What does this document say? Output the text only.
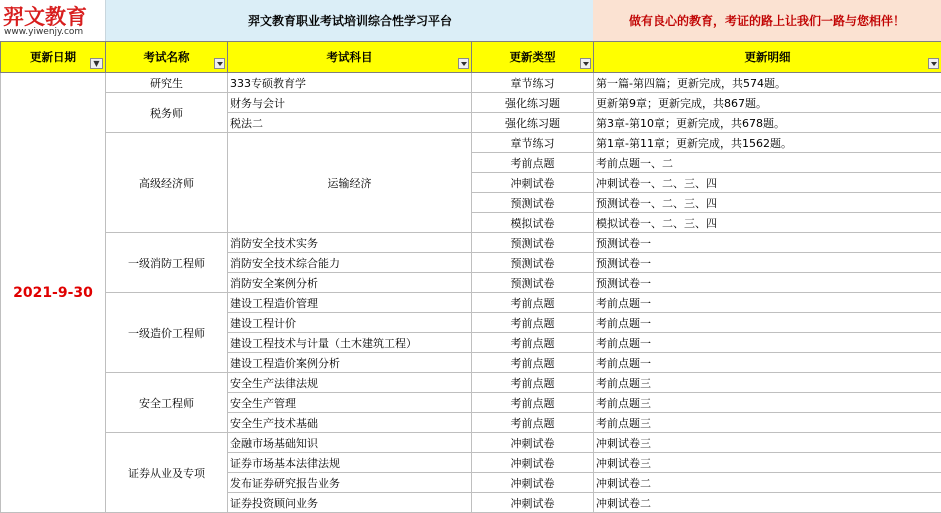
羿文教育
www.yiwenjy.com
羿文教育职业考试培训综合性学习平台	做有良心的教育，考证的路上让我们一路与您相伴！
更新日期 ▼	考试名称	考试科目	更新类型	更新明细

2021-9-30	研究生	333专硕教育学	章节练习	第一篇-第四篇；更新完成，共574题。
	税务师	财务与会计	强化练习题	更新第9章；更新完成，共867题。
		税法二	强化练习题	第3章-第10章；更新完成，共678题。
	高级经济师	运输经济	章节练习	第1章-第11章；更新完成，共1562题。
			考前点题	考前点题一、二
			冲刺试卷	冲刺试卷一、二、三、四
			预测试卷	预测试卷一、二、三、四
			模拟试卷	模拟试卷一、二、三、四
	一级消防工程师	消防安全技术实务	预测试卷	预测试卷一
		消防安全技术综合能力	预测试卷	预测试卷一
		消防安全案例分析	预测试卷	预测试卷一
	一级造价工程师	建设工程造价管理	考前点题	考前点题一
		建设工程计价	考前点题	考前点题一
		建设工程技术与计量（土木建筑工程）	考前点题	考前点题一
		建设工程造价案例分析	考前点题	考前点题一
	安全工程师	安全生产法律法规	考前点题	考前点题三
		安全生产管理	考前点题	考前点题三
		安全生产技术基础	考前点题	考前点题三
	证券从业及专项	金融市场基础知识	冲刺试卷	冲刺试卷三
		证券市场基本法律法规	冲刺试卷	冲刺试卷三
		发布证券研究报告业务	冲刺试卷	冲刺试卷二
		证券投资顾问业务	冲刺试卷	冲刺试卷二
